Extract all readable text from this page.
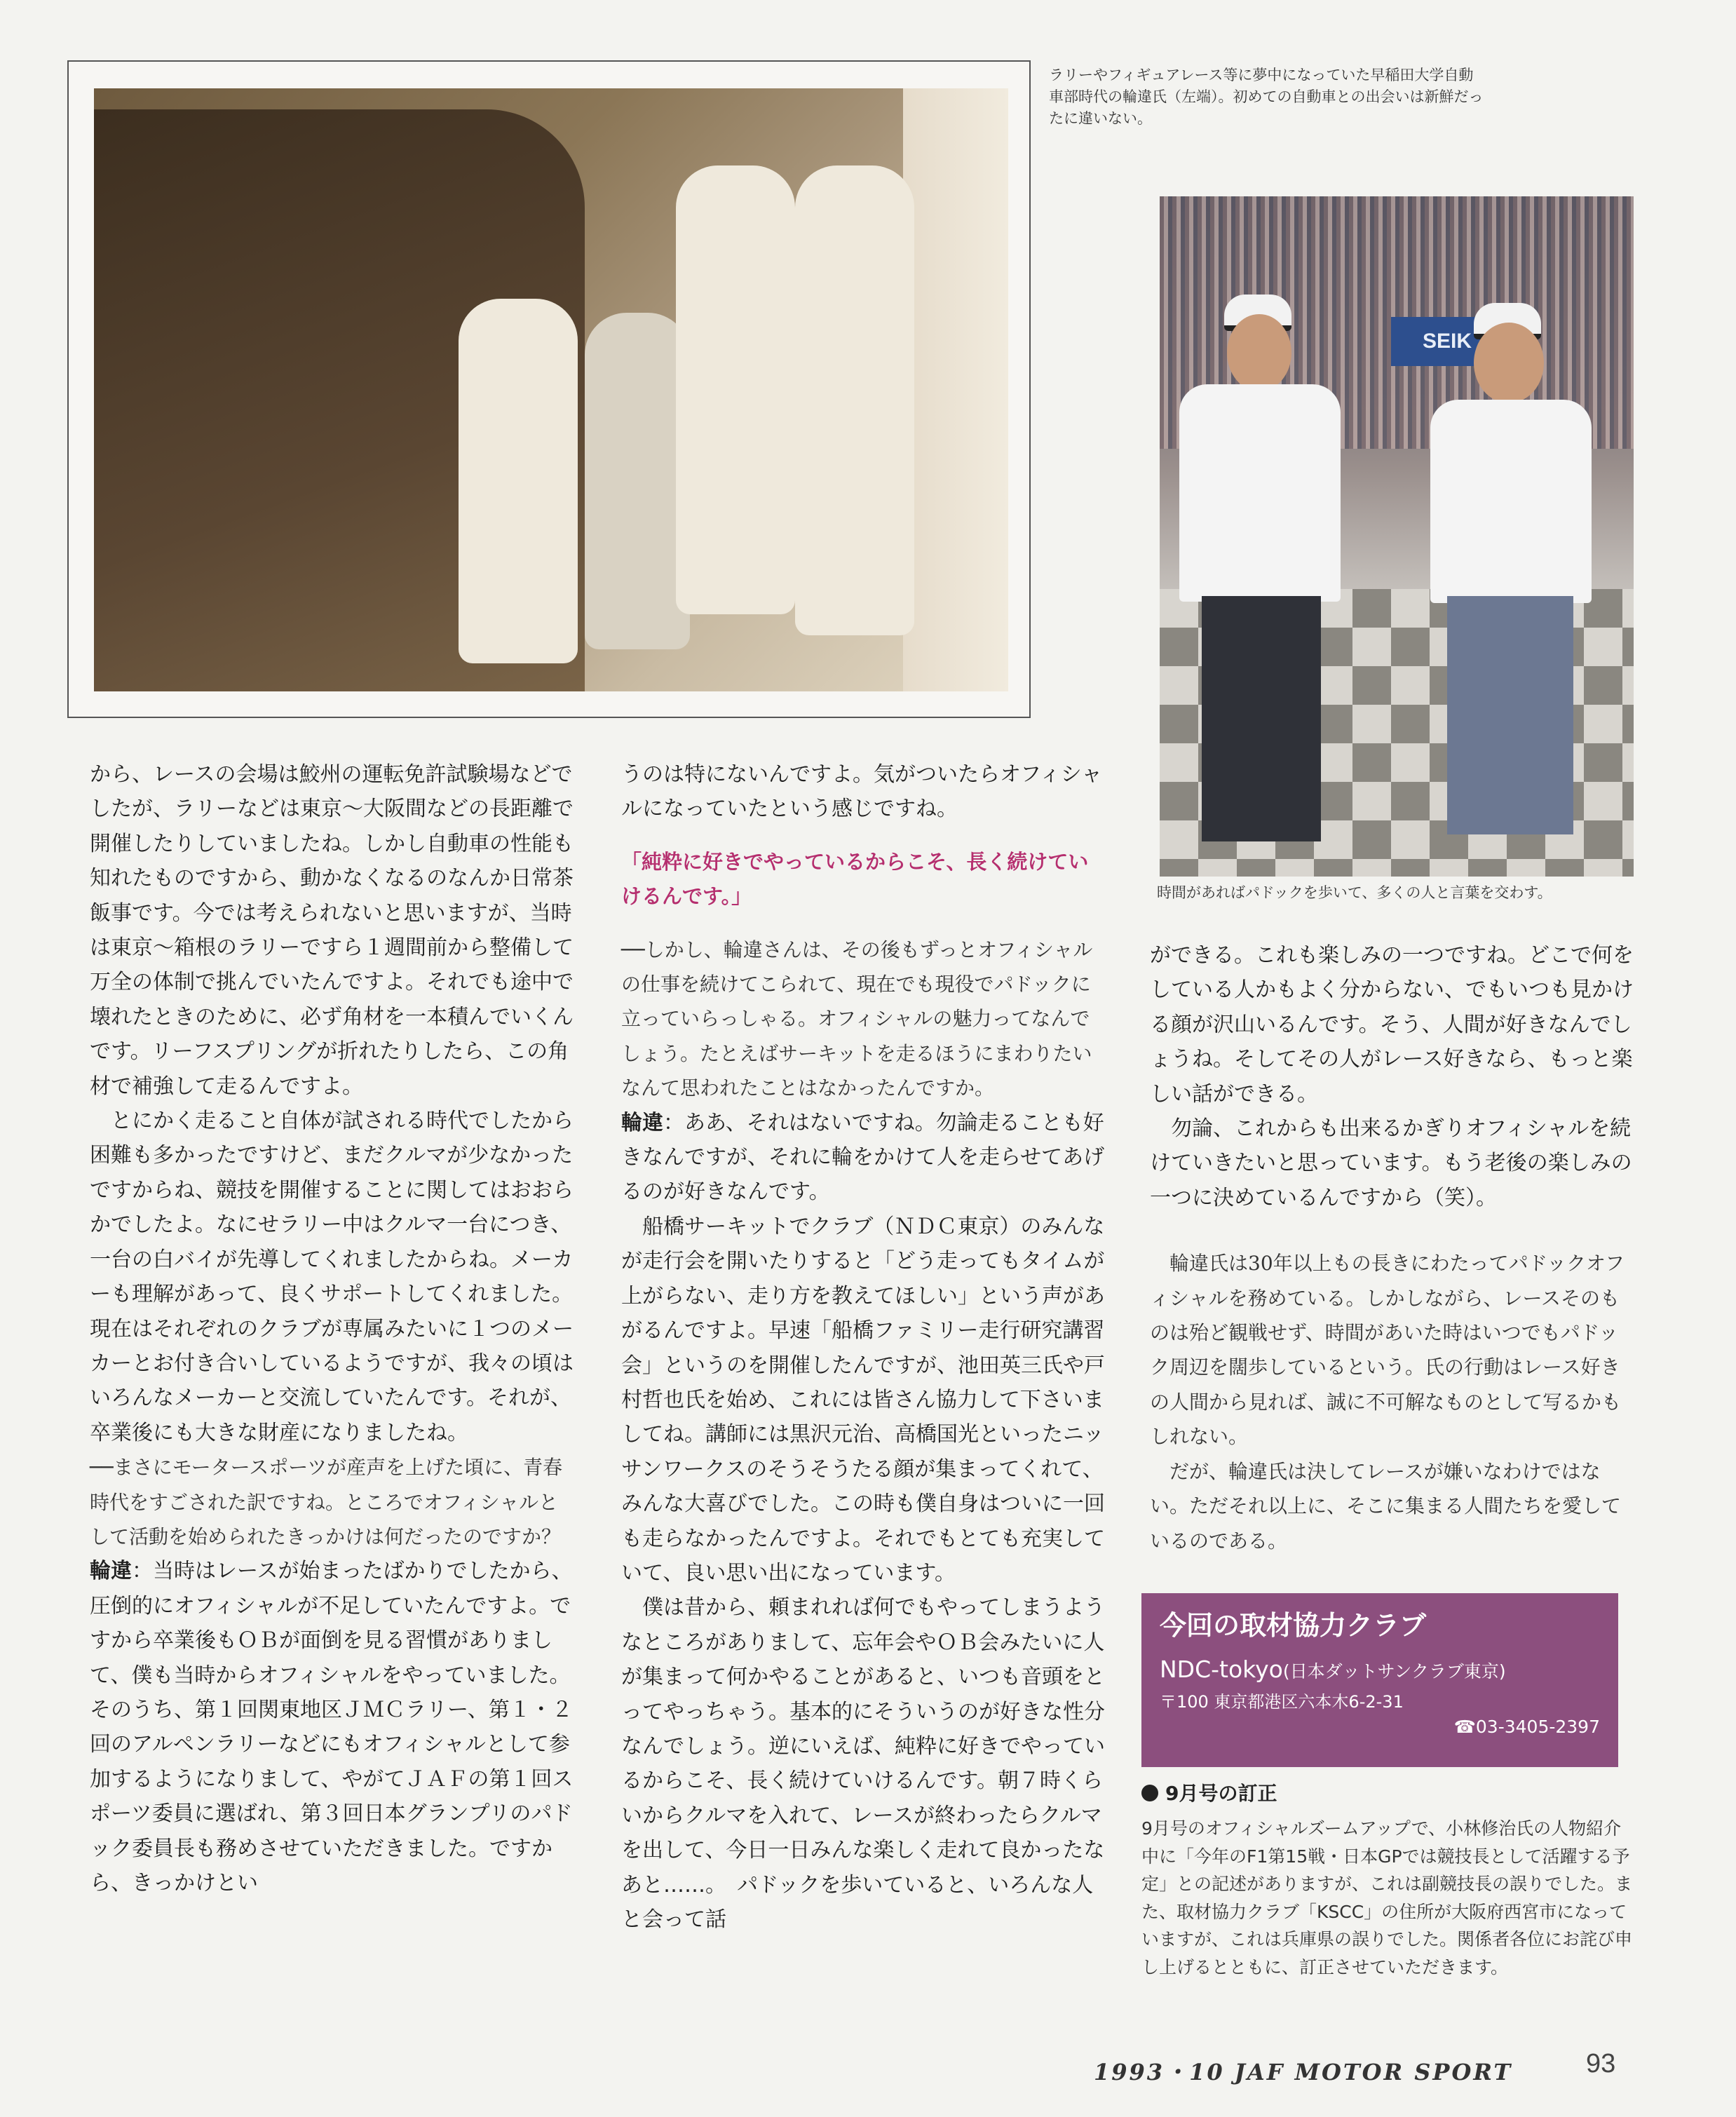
ラリーやフィギュアレース等に夢中になっていた早稲田大学自動車部時代の輪違氏（左端）。初めての自動車との出会いは新鮮だったに違いない。
SEIK
時間があればパドックを歩いて、多くの人と言葉を交わす。

から、レースの会場は鮫州の運転免許試験場などでしたが、ラリーなどは東京〜大阪間などの長距離で開催したりしていましたね。しかし自動車の性能も知れたものですから、動かなくなるのなんか日常茶飯事です。今では考えられないと思いますが、当時は東京〜箱根のラリーですら１週間前から整備して万全の体制で挑んでいたんですよ。それでも途中で壊れたときのために、必ず角材を一本積んでいくんです。リーフスプリングが折れたりしたら、この角材で補強して走るんですよ。

とにかく走ること自体が試される時代でしたから困難も多かったですけど、まだクルマが少なかったですからね、競技を開催することに関してはおおらかでしたよ。なにせラリー中はクルマ一台につき、一台の白バイが先導してくれましたからね。メーカーも理解があって、良くサポートしてくれました。現在はそれぞれのクラブが専属みたいに１つのメーカーとお付き合いしているようですが、我々の頃はいろんなメーカーと交流していたんです。それが、卒業後にも大きな財産になりましたね。

──まさにモータースポーツが産声を上げた頃に、青春時代をすごされた訳ですね。ところでオフィシャルとして活動を始められたきっかけは何だったのですか？

輪違：当時はレースが始まったばかりでしたから、圧倒的にオフィシャルが不足していたんですよ。ですから卒業後もＯＢが面倒を見る習慣がありまして、僕も当時からオフィシャルをやっていました。そのうち、第１回関東地区ＪＭＣラリー、第１・２回のアルペンラリーなどにもオフィシャルとして参加するようになりまして、やがてＪＡＦの第１回スポーツ委員に選ばれ、第３回日本グランプリのパドック委員長も務めさせていただきました。ですから、きっかけとい

うのは特にないんですよ。気がついたらオフィシャルになっていたという感じですね。

「純粋に好きでやっているからこそ、長く続けていけるんです。」

──しかし、輪違さんは、その後もずっとオフィシャルの仕事を続けてこられて、現在でも現役でパドックに立っていらっしゃる。オフィシャルの魅力ってなんでしょう。たとえばサーキットを走るほうにまわりたいなんて思われたことはなかったんですか。

輪違：ああ、それはないですね。勿論走ることも好きなんですが、それに輪をかけて人を走らせてあげるのが好きなんです。

船橋サーキットでクラブ（ＮＤＣ東京）のみんなが走行会を開いたりすると「どう走ってもタイムが上がらない、走り方を教えてほしい」という声があがるんですよ。早速「船橋ファミリー走行研究講習会」というのを開催したんですが、池田英三氏や戸村哲也氏を始め、これには皆さん協力して下さいましてね。講師には黒沢元治、高橋国光といったニッサンワークスのそうそうたる顔が集まってくれて、みんな大喜びでした。この時も僕自身はついに一回も走らなかったんですよ。それでもとても充実していて、良い思い出になっています。

僕は昔から、頼まれれば何でもやってしまうようなところがありまして、忘年会やＯＢ会みたいに人が集まって何かやることがあると、いつも音頭をとってやっちゃう。基本的にそういうのが好きな性分なんでしょう。逆にいえば、純粋に好きでやっているからこそ、長く続けていけるんです。朝７時くらいからクルマを入れて、レースが終わったらクルマを出して、今日一日みんな楽しく走れて良かったなあと……。　パドックを歩いていると、いろんな人と会って話

ができる。これも楽しみの一つですね。どこで何をしている人かもよく分からない、でもいつも見かける顔が沢山いるんです。そう、人間が好きなんでしょうね。そしてその人がレース好きなら、もっと楽しい話ができる。

勿論、これからも出来るかぎりオフィシャルを続けていきたいと思っています。もう老後の楽しみの一つに決めているんですから（笑）。

輪違氏は30年以上もの長きにわたってパドックオフィシャルを務めている。しかしながら、レースそのものは殆ど観戦せず、時間があいた時はいつでもパドック周辺を闊歩しているという。氏の行動はレース好きの人間から見れば、誠に不可解なものとして写るかもしれない。

だが、輪違氏は決してレースが嫌いなわけではない。ただそれ以上に、そこに集まる人間たちを愛しているのである。

今回の取材協力クラブ
NDC-tokyo(日本ダットサンクラブ東京)
〒100 東京都港区六本木6-2-31
☎03-3405-2397
9月号の訂正
9月号のオフィシャルズームアップで、小林修治氏の人物紹介中に「今年のF1第15戦・日本GPでは競技長として活躍する予定」との記述がありますが、これは副競技長の誤りでした。また、取材協力クラブ「KSCC」の住所が大阪府西宮市になっていますが、これは兵庫県の誤りでした。関係者各位にお詫び申し上げるとともに、訂正させていただきます。
1993・10 JAF MOTOR SPORT	93
